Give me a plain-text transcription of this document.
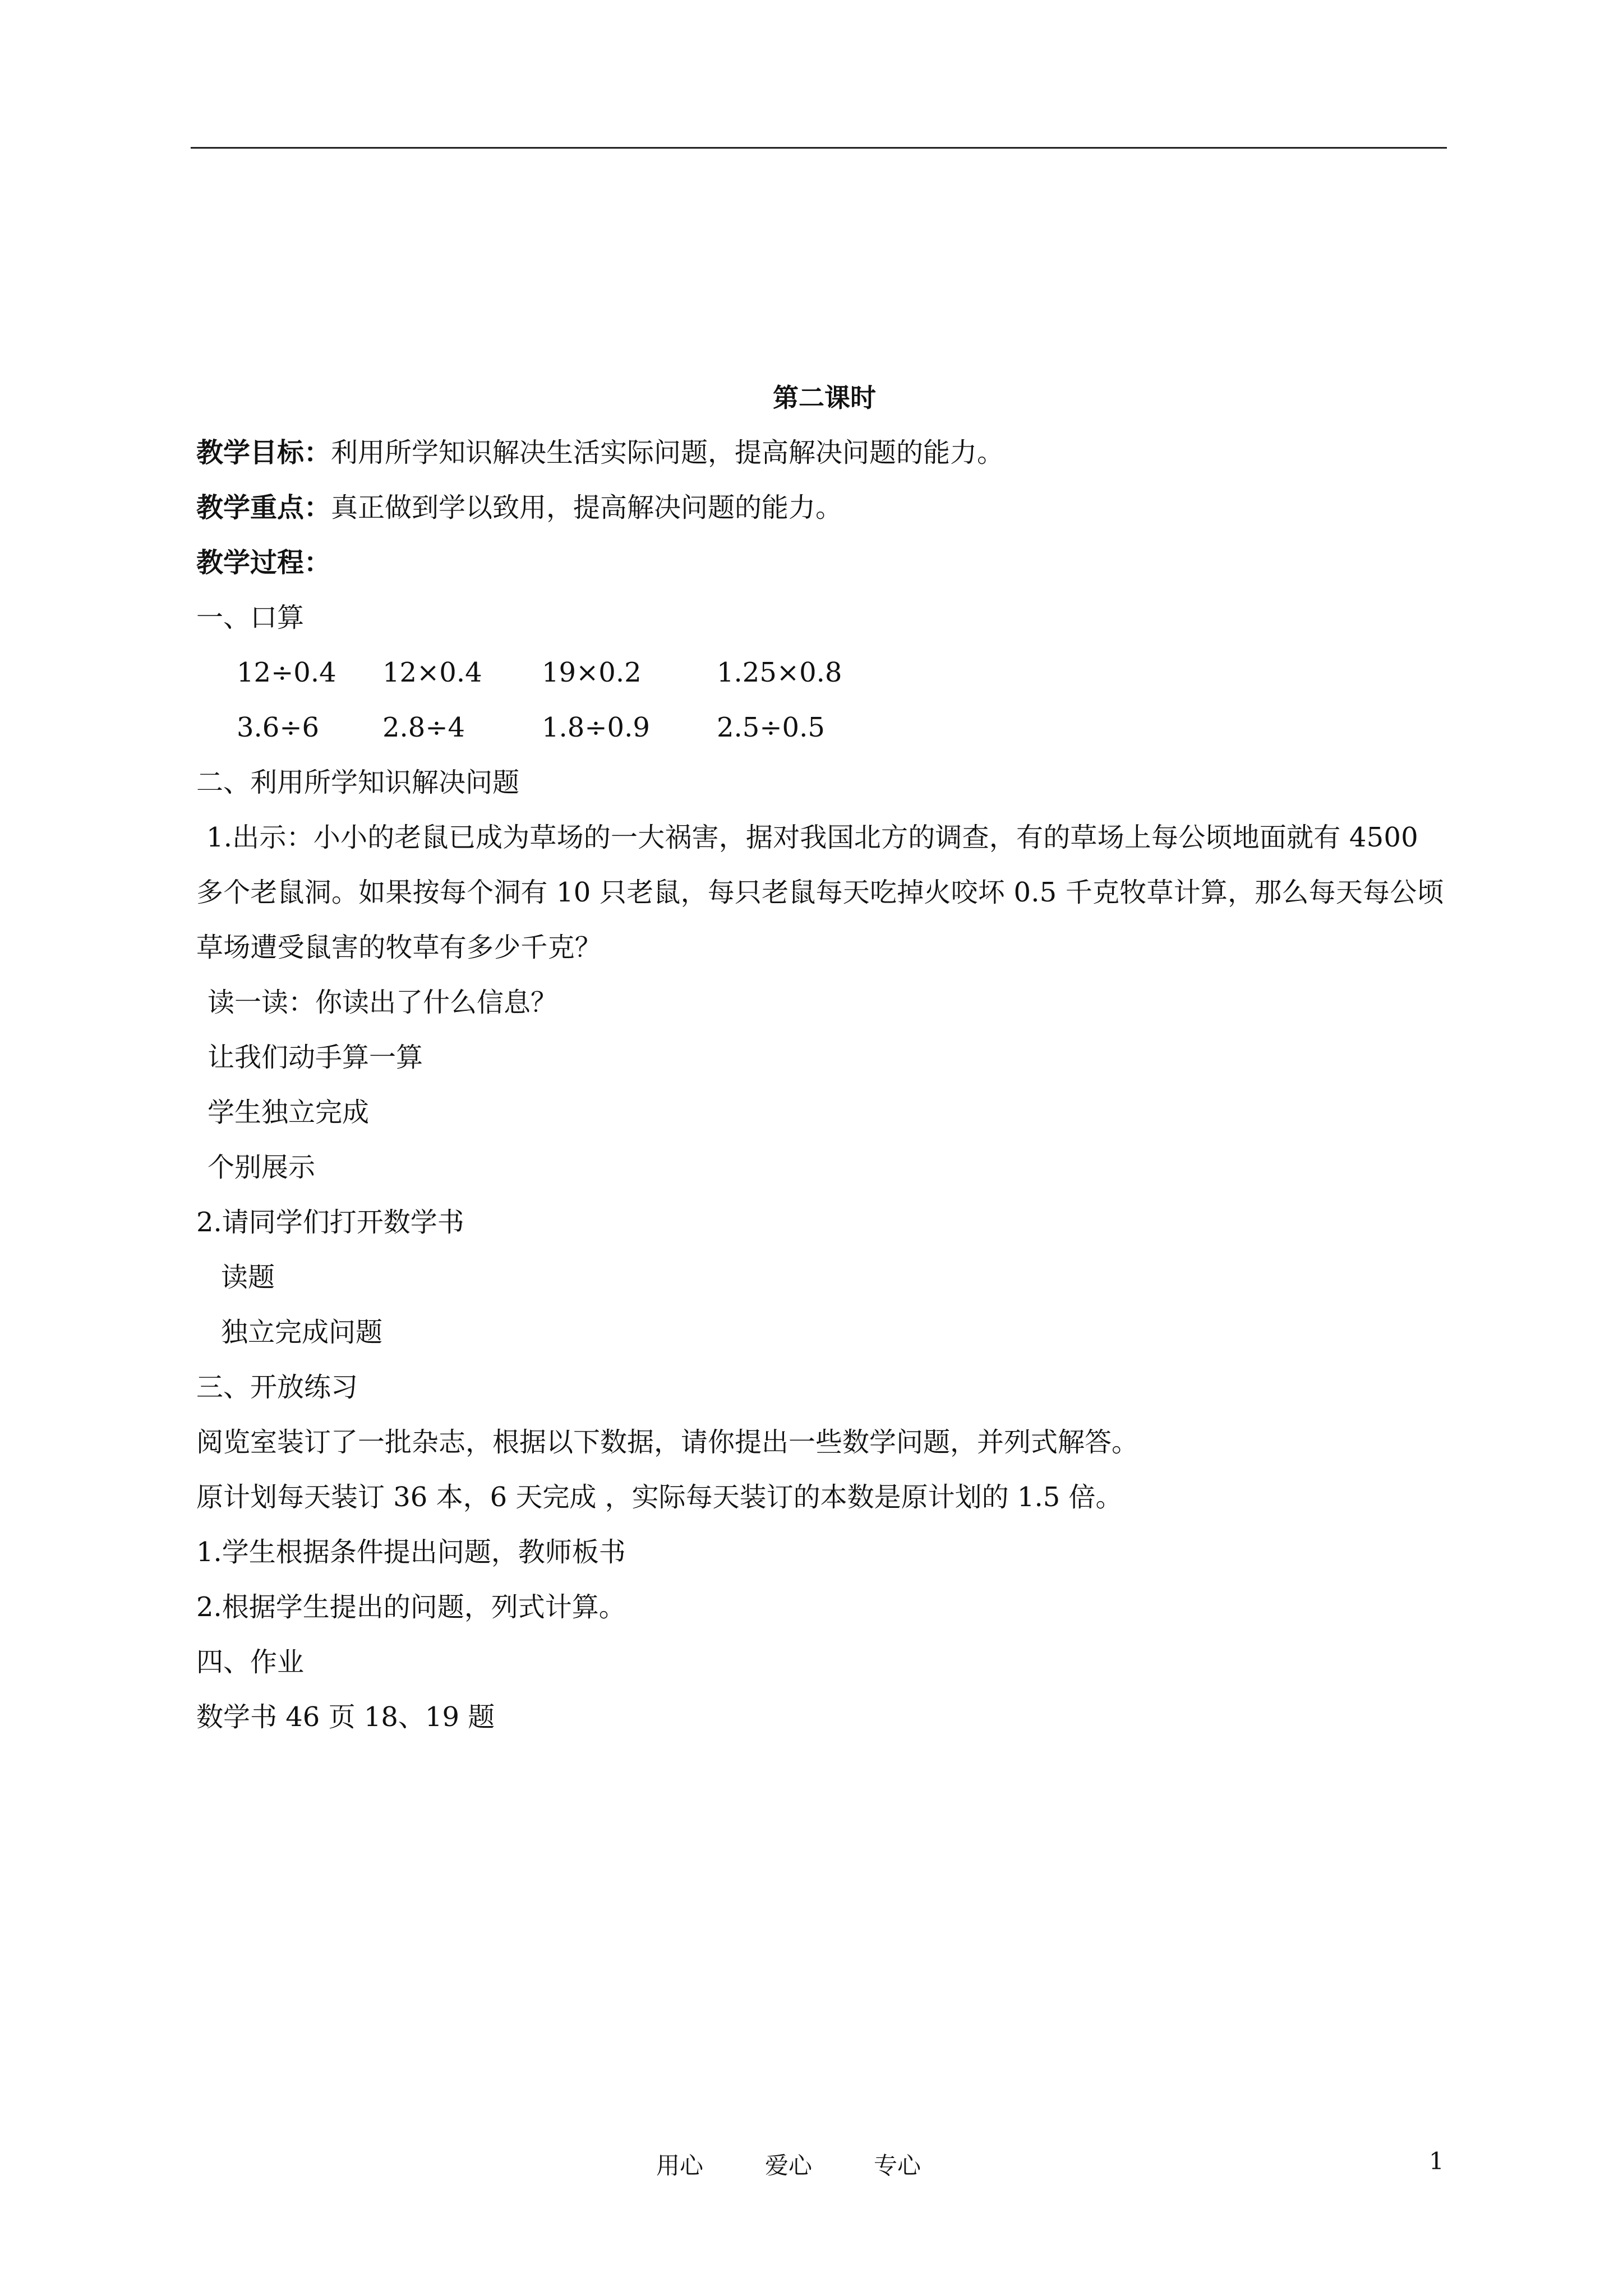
第二课时
教学目标：利用所学知识解决生活实际问题，提高解决问题的能力。
教学重点：真正做到学以致用，提高解决问题的能力。
教学过程：
一、口算
12÷0.4	12×0.4	19×0.2	1.25×0.8
3.6÷6	2.8÷4	1.8÷0.9	2.5÷0.5
二、利用所学知识解决问题
1.出示：小小的老鼠已成为草场的一大祸害，据对我国北方的调查，有的草场上每公顷地面就有 4500 多个老鼠洞。如果按每个洞有 10 只老鼠，每只老鼠每天吃掉火咬坏 0.5 千克牧草计算，那么每天每公顷草场遭受鼠害的牧草有多少千克？
读一读：你读出了什么信息？
让我们动手算一算
学生独立完成
个别展示
2.请同学们打开数学书
读题
独立完成问题
三、开放练习
阅览室装订了一批杂志，根据以下数据，请你提出一些数学问题，并列式解答。
原计划每天装订 36 本，6 天完成 ，实际每天装订的本数是原计划的 1.5 倍。
1.学生根据条件提出问题，教师板书
2.根据学生提出的问题，列式计算。
四、作业
数学书 46 页 18、19 题
用心	爱心	专心	1
